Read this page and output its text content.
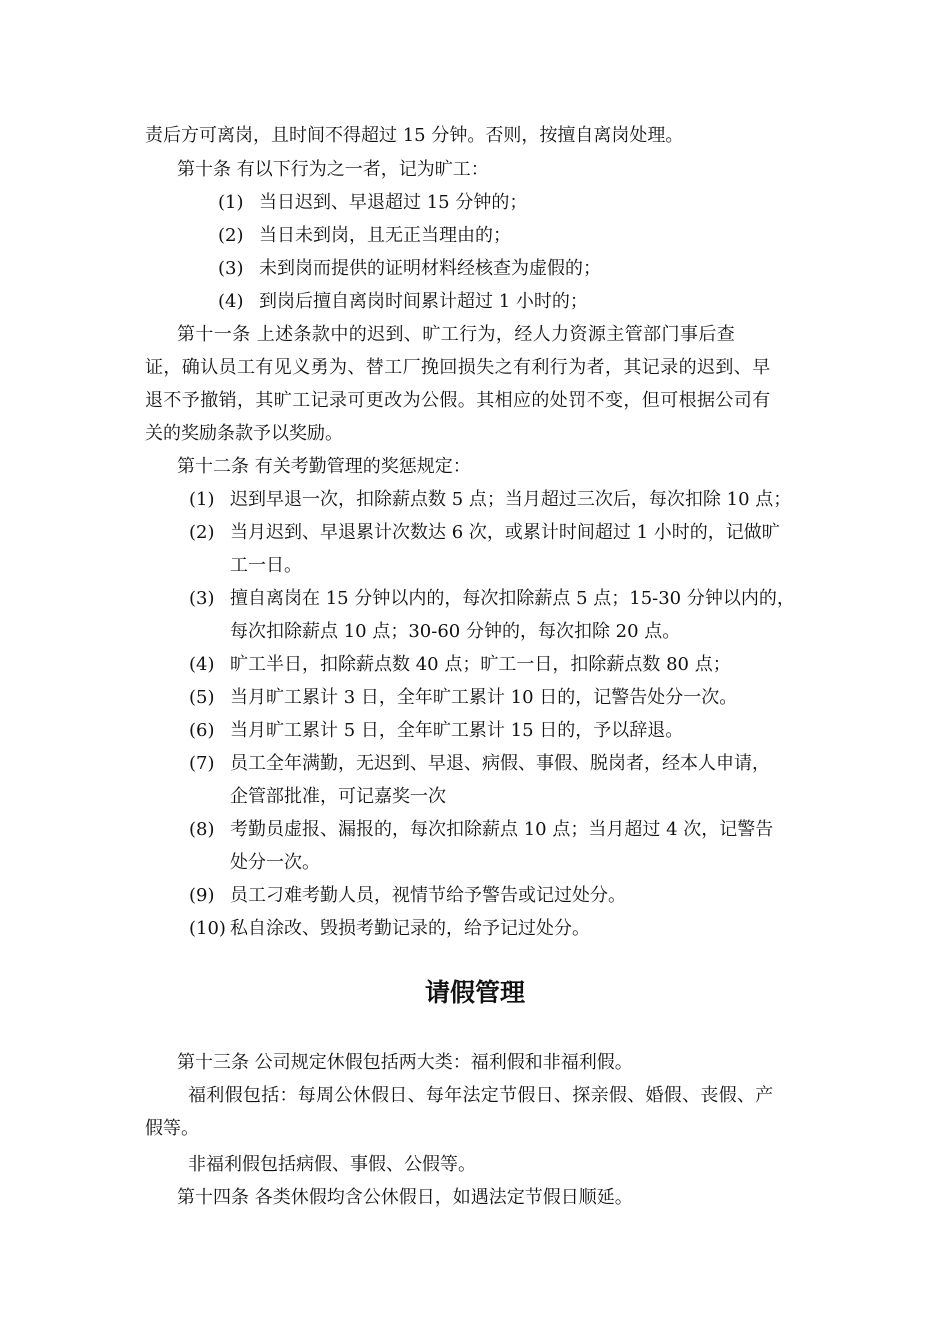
责后方可离岗，且时间不得超过 15 分钟。否则，按擅自离岗处理。
第十条 有以下行为之一者，记为旷工：
(1) 当日迟到、早退超过 15 分钟的；
(2) 当日未到岗，且无正当理由的；
(3) 未到岗而提供的证明材料经核查为虚假的；
(4) 到岗后擅自离岗时间累计超过 1 小时的；
第十一条 上述条款中的迟到、旷工行为，经人力资源主管部门事后查
证，确认员工有见义勇为、替工厂挽回损失之有利行为者，其记录的迟到、早
退不予撤销，其旷工记录可更改为公假。其相应的处罚不变，但可根据公司有
关的奖励条款予以奖励。
第十二条 有关考勤管理的奖惩规定：
(1) 迟到早退一次，扣除薪点数 5 点；当月超过三次后，每次扣除 10 点；
(2) 当月迟到、早退累计次数达 6 次，或累计时间超过 1 小时的，记做旷
工一日。
(3) 擅自离岗在 15 分钟以内的，每次扣除薪点 5 点；15-30 分钟以内的，
每次扣除薪点 10 点；30-60 分钟的，每次扣除 20 点。
(4) 旷工半日，扣除薪点数 40 点；旷工一日，扣除薪点数 80 点；
(5) 当月旷工累计 3 日，全年旷工累计 10 日的，记警告处分一次。
(6) 当月旷工累计 5 日，全年旷工累计 15 日的，予以辞退。
(7) 员工全年满勤，无迟到、早退、病假、事假、脱岗者，经本人申请，
企管部批准，可记嘉奖一次
(8) 考勤员虚报、漏报的，每次扣除薪点 10 点；当月超过 4 次，记警告
处分一次。
(9) 员工刁难考勤人员，视情节给予警告或记过处分。
(10) 私自涂改、毁损考勤记录的，给予记过处分。
请假管理
第十三条 公司规定休假包括两大类：福利假和非福利假。
福利假包括：每周公休假日、每年法定节假日、探亲假、婚假、丧假、产
假等。
非福利假包括病假、事假、公假等。
第十四条 各类休假均含公休假日，如遇法定节假日顺延。
